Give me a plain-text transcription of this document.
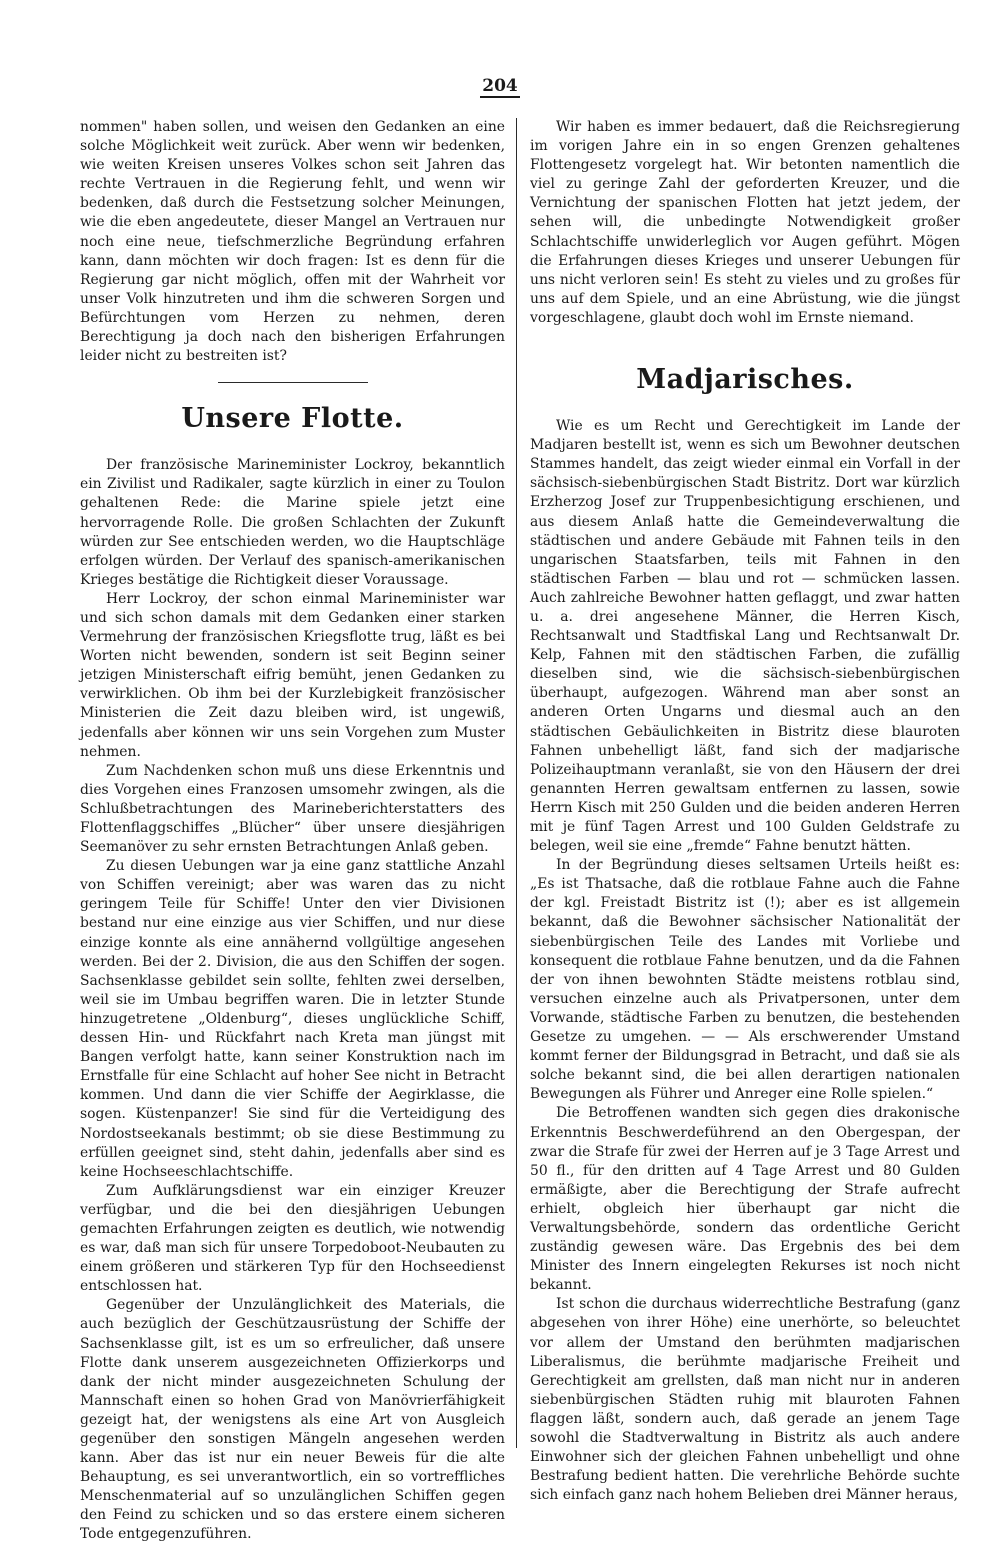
204

nommen" haben sollen, und weisen den Gedanken an eine solche Möglichkeit weit zurück. Aber wenn wir bedenken, wie weiten Kreisen unseres Volkes schon seit Jahren das rechte Vertrauen in die Regierung fehlt, und wenn wir bedenken, daß durch die Festsetzung solcher Meinungen, wie die eben angedeutete, dieser Mangel an Vertrauen nur noch eine neue, tiefschmerzliche Begründung erfahren kann, dann möchten wir doch fragen: Ist es denn für die Regierung gar nicht möglich, offen mit der Wahrheit vor unser Volk hinzutreten und ihm die schweren Sorgen und Befürchtungen vom Herzen zu nehmen, deren Berechtigung ja doch nach den bisherigen Erfahrungen leider nicht zu bestreiten ist?

Unsere Flotte.

Der französische Marineminister Lockroy, bekanntlich ein Zivilist und Radikaler, sagte kürzlich in einer zu Toulon gehaltenen Rede: die Marine spiele jetzt eine hervorragende Rolle. Die großen Schlachten der Zukunft würden zur See entschieden werden, wo die Hauptschläge erfolgen würden. Der Verlauf des spanisch-amerikanischen Krieges bestätige die Richtigkeit dieser Voraussage.

Herr Lockroy, der schon einmal Marineminister war und sich schon damals mit dem Gedanken einer starken Vermehrung der französischen Kriegsflotte trug, läßt es bei Worten nicht bewenden, sondern ist seit Beginn seiner jetzigen Ministerschaft eifrig bemüht, jenen Gedanken zu verwirklichen. Ob ihm bei der Kurzlebigkeit französischer Ministerien die Zeit dazu bleiben wird, ist ungewiß, jedenfalls aber können wir uns sein Vorgehen zum Muster nehmen.

Zum Nachdenken schon muß uns diese Erkenntnis und dies Vorgehen eines Franzosen umsomehr zwingen, als die Schlußbetrachtungen des Marineberichterstatters des Flottenflaggschiffes „Blücher“ über unsere diesjährigen Seemanöver zu sehr ernsten Betrachtungen Anlaß geben.

Zu diesen Uebungen war ja eine ganz stattliche Anzahl von Schiffen vereinigt; aber was waren das zu nicht geringem Teile für Schiffe! Unter den vier Divisionen bestand nur eine einzige aus vier Schiffen, und nur diese einzige konnte als eine annähernd vollgültige angesehen werden. Bei der 2. Division, die aus den Schiffen der sogen. Sachsenklasse gebildet sein sollte, fehlten zwei derselben, weil sie im Umbau begriffen waren. Die in letzter Stunde hinzugetretene „Oldenburg“, dieses unglückliche Schiff, dessen Hin- und Rückfahrt nach Kreta man jüngst mit Bangen verfolgt hatte, kann seiner Konstruktion nach im Ernstfalle für eine Schlacht auf hoher See nicht in Betracht kommen. Und dann die vier Schiffe der Aegirklasse, die sogen. Küstenpanzer! Sie sind für die Verteidigung des Nordostseekanals bestimmt; ob sie diese Bestimmung zu erfüllen geeignet sind, steht dahin, jedenfalls aber sind es keine Hochseeschlachtschiffe.

Zum Aufklärungsdienst war ein einziger Kreuzer verfügbar, und die bei den diesjährigen Uebungen gemachten Erfahrungen zeigten es deutlich, wie notwendig es war, daß man sich für unsere Torpedoboot-Neubauten zu einem größeren und stärkeren Typ für den Hochseedienst entschlossen hat.

Gegenüber der Unzulänglichkeit des Materials, die auch bezüglich der Geschützausrüstung der Schiffe der Sachsenklasse gilt, ist es um so erfreulicher, daß unsere Flotte dank unserem ausgezeichneten Offizierkorps und dank der nicht minder ausgezeichneten Schulung der Mannschaft einen so hohen Grad von Manövrierfähigkeit gezeigt hat, der wenigstens als eine Art von Ausgleich gegenüber den sonstigen Mängeln angesehen werden kann. Aber das ist nur ein neuer Beweis für die alte Behauptung, es sei unverantwortlich, ein so vortreffliches Menschenmaterial auf so unzulänglichen Schiffen gegen den Feind zu schicken und so das erstere einem sicheren Tode entgegenzuführen.

Wir haben es immer bedauert, daß die Reichsregierung im vorigen Jahre ein in so engen Grenzen gehaltenes Flottengesetz vorgelegt hat. Wir betonten namentlich die viel zu geringe Zahl der geforderten Kreuzer, und die Vernichtung der spanischen Flotten hat jetzt jedem, der sehen will, die unbedingte Notwendigkeit großer Schlachtschiffe unwiderleglich vor Augen geführt. Mögen die Erfahrungen dieses Krieges und unserer Uebungen für uns nicht verloren sein! Es steht zu vieles und zu großes für uns auf dem Spiele, und an eine Abrüstung, wie die jüngst vorgeschlagene, glaubt doch wohl im Ernste niemand.

Madjarisches.

Wie es um Recht und Gerechtigkeit im Lande der Madjaren bestellt ist, wenn es sich um Bewohner deutschen Stammes handelt, das zeigt wieder einmal ein Vorfall in der sächsisch-siebenbürgischen Stadt Bistritz. Dort war kürzlich Erzherzog Josef zur Truppenbesichtigung erschienen, und aus diesem Anlaß hatte die Gemeindeverwaltung die städtischen und andere Gebäude mit Fahnen teils in den ungarischen Staatsfarben, teils mit Fahnen in den städtischen Farben — blau und rot — schmücken lassen. Auch zahlreiche Bewohner hatten geflaggt, und zwar hatten u. a. drei angesehene Männer, die Herren Kisch, Rechtsanwalt und Stadtfiskal Lang und Rechtsanwalt Dr. Kelp, Fahnen mit den städtischen Farben, die zufällig dieselben sind, wie die sächsisch-siebenbürgischen überhaupt, aufgezogen. Während man aber sonst an anderen Orten Ungarns und diesmal auch an den städtischen Gebäulichkeiten in Bistritz diese blauroten Fahnen unbehelligt läßt, fand sich der madjarische Polizeihauptmann veranlaßt, sie von den Häusern der drei genannten Herren gewaltsam entfernen zu lassen, sowie Herrn Kisch mit 250 Gulden und die beiden anderen Herren mit je fünf Tagen Arrest und 100 Gulden Geldstrafe zu belegen, weil sie eine „fremde“ Fahne benutzt hätten.

In der Begründung dieses seltsamen Urteils heißt es: „Es ist Thatsache, daß die rotblaue Fahne auch die Fahne der kgl. Freistadt Bistritz ist (!); aber es ist allgemein bekannt, daß die Bewohner sächsischer Nationalität der siebenbürgischen Teile des Landes mit Vorliebe und konsequent die rotblaue Fahne benutzen, und da die Fahnen der von ihnen bewohnten Städte meistens rotblau sind, versuchen einzelne auch als Privatpersonen, unter dem Vorwande, städtische Farben zu benutzen, die bestehenden Gesetze zu umgehen. — — Als erschwerender Umstand kommt ferner der Bildungsgrad in Betracht, und daß sie als solche bekannt sind, die bei allen derartigen nationalen Bewegungen als Führer und Anreger eine Rolle spielen.“

Die Betroffenen wandten sich gegen dies drakonische Erkenntnis Beschwerdeführend an den Obergespan, der zwar die Strafe für zwei der Herren auf je 3 Tage Arrest und 50 fl., für den dritten auf 4 Tage Arrest und 80 Gulden ermäßigte, aber die Berechtigung der Strafe aufrecht erhielt, obgleich hier überhaupt gar nicht die Verwaltungsbehörde, sondern das ordentliche Gericht zuständig gewesen wäre. Das Ergebnis des bei dem Minister des Innern eingelegten Rekurses ist noch nicht bekannt.

Ist schon die durchaus widerrechtliche Bestrafung (ganz abgesehen von ihrer Höhe) eine unerhörte, so beleuchtet vor allem der Umstand den berühmten madjarischen Liberalismus, die berühmte madjarische Freiheit und Gerechtigkeit am grellsten, daß man nicht nur in anderen siebenbürgischen Städten ruhig mit blauroten Fahnen flaggen läßt, sondern auch, daß gerade an jenem Tage sowohl die Stadtverwaltung in Bistritz als auch andere Einwohner sich der gleichen Fahnen unbehelligt und ohne Bestrafung bedient hatten. Die verehrliche Behörde suchte sich einfach ganz nach hohem Belieben drei Männer heraus,
